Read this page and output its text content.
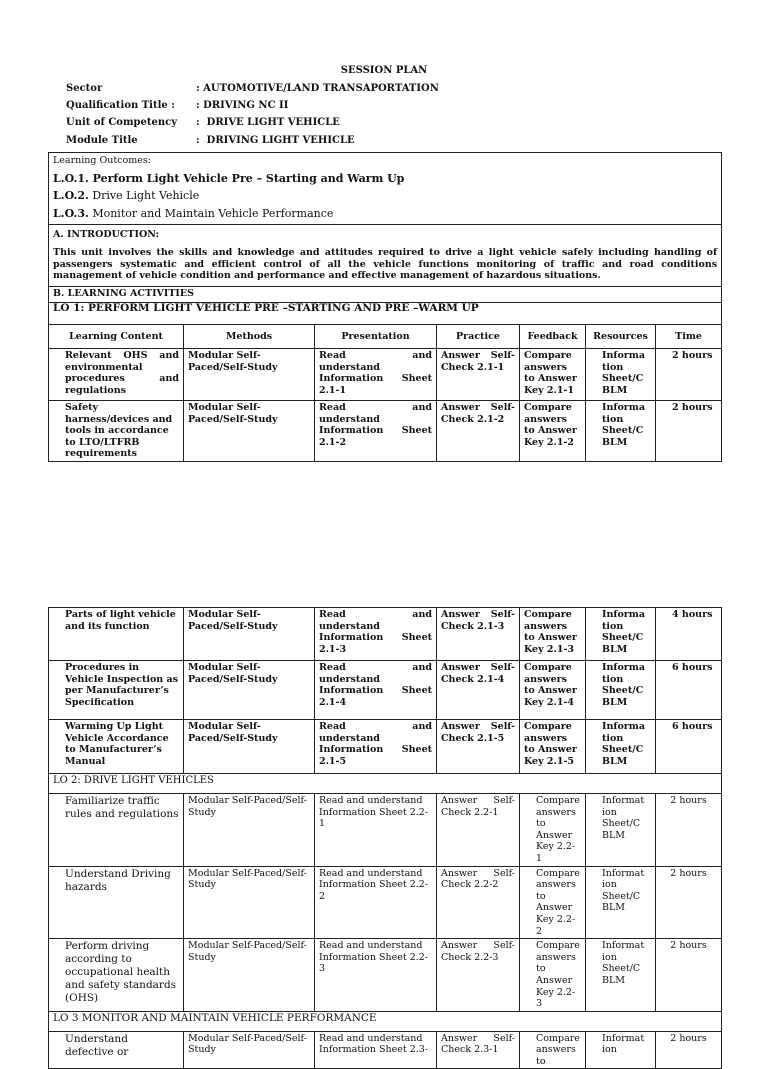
SESSION PLAN
Sector	: AUTOMOTIVE/LAND TRANSAPORTATION
Qualification Title : : DRIVING NC II
Unit of Competency :  DRIVE LIGHT VEHICLE
Module Title	:  DRIVING LIGHT VEHICLE
Learning Outcomes:
L.O.1. Perform Light Vehicle Pre – Starting and Warm Up
L.O.2. Drive Light Vehicle
L.O.3. Monitor and Maintain Vehicle Performance						

A. INTRODUCTION:
This unit involves the skills and knowledge and attitudes required to drive a light vehicle safely including handling of passengers systematic and efficient control of all the vehicle functions monitoring of traffic and road conditions management of vehicle condition and performance and effective management of hazardous situations.						

B. LEARNING ACTIVITIES						
LO 1: PERFORM LIGHT VEHICLE PRE –STARTING AND PRE –WARM UP						
Learning Content	Methods	Presentation	Practice	Feedback	Resources	Time
Relevant OHS and environmental procedures and regulations	Modular Self-Paced/Self-Study	Read and understand Information Sheet 2.1-1	Answer Self-Check 2.1-1	Compare answers to Answer Key 2.1-1	Informa tion Sheet/C BLM	2 hours
Safety harness/devices and tools in accordance to LTO/LTFRB requirements	Modular Self-Paced/Self-Study	Read and understand Information Sheet 2.1-2	Answer Self-Check 2.1-2	Compare answers to Answer Key 2.1-2	Informa tion Sheet/C BLM	2 hours
Parts of light vehicle and its function	Modular Self-Paced/Self-Study	Read and understand Information Sheet 2.1-3	Answer Self-Check 2.1-3	Compare answers to Answer Key 2.1-3	Informa tion Sheet/C BLM	4 hours
Procedures in Vehicle Inspection as per Manufacturer’s Specification	Modular Self-Paced/Self-Study	Read and understand Information Sheet 2.1-4	Answer Self-Check 2.1-4	Compare answers to Answer Key 2.1-4	Informa tion Sheet/C BLM	6 hours
Warming Up Light Vehicle Accordance to Manufacturer’s Manual	Modular Self-Paced/Self-Study	Read and understand Information Sheet 2.1-5	Answer Self-Check 2.1-5	Compare answers to Answer Key 2.1-5	Informa tion Sheet/C BLM	6 hours
LO 2: DRIVE LIGHT VEHICLES						
Familiarize traffic rules and regulations	Modular Self-Paced/Self-Study	Read and understand Information Sheet 2.2-1	Answer Self-Check 2.2-1	Compare answers to Answer Key 2.2-1	Informat ion Sheet/C BLM	2 hours
Understand Driving hazards	Modular Self-Paced/Self-Study	Read and understand Information Sheet 2.2-2	Answer Self-Check 2.2-2	Compare answers to Answer Key 2.2-2	Informat ion Sheet/C BLM	2 hours
Perform driving according to occupational health and safety standards (OHS)	Modular Self-Paced/Self-Study	Read and understand Information Sheet 2.2-3	Answer Self-Check 2.2-3	Compare answers to Answer Key 2.2-3	Informat ion Sheet/C BLM	2 hours
LO 3 MONITOR AND MAINTAIN VEHICLE PERFORMANCE						
Understand defective or	Modular Self-Paced/Self-Study	Read and understand Information Sheet 2.3-	Answer Self-Check 2.3-1	Compare answers to	Informat ion	2 hours
